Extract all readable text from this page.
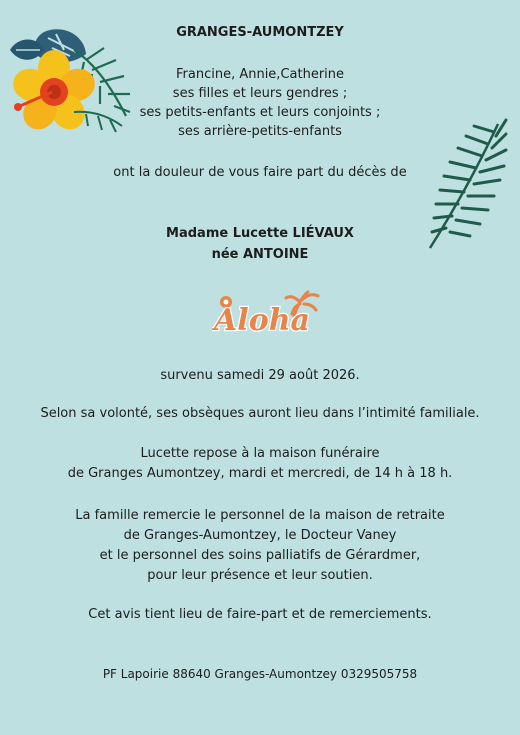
GRANGES-AUMONTZEY
Francine, Annie,Catherine
ses filles et leurs gendres ;
ses petits-enfants et leurs conjoints ;
ses arrière-petits-enfants
ont la douleur de vous faire part du décès de
Madame Lucette LIÉVAUX
née ANTOINE
Aloha
survenu samedi 29 août 2026.
Selon sa volonté, ses obsèques auront lieu dans l’intimité familiale.
Lucette repose à la maison funéraire
de Granges Aumontzey, mardi et mercredi, de 14 h à 18 h.
La famille remercie le personnel de la maison de retraite
de Granges-Aumontzey, le Docteur Vaney
et le personnel des soins palliatifs de Gérardmer,
pour leur présence et leur soutien.
Cet avis tient lieu de faire-part et de remerciements.
PF Lapoirie 88640 Granges-Aumontzey 0329505758
